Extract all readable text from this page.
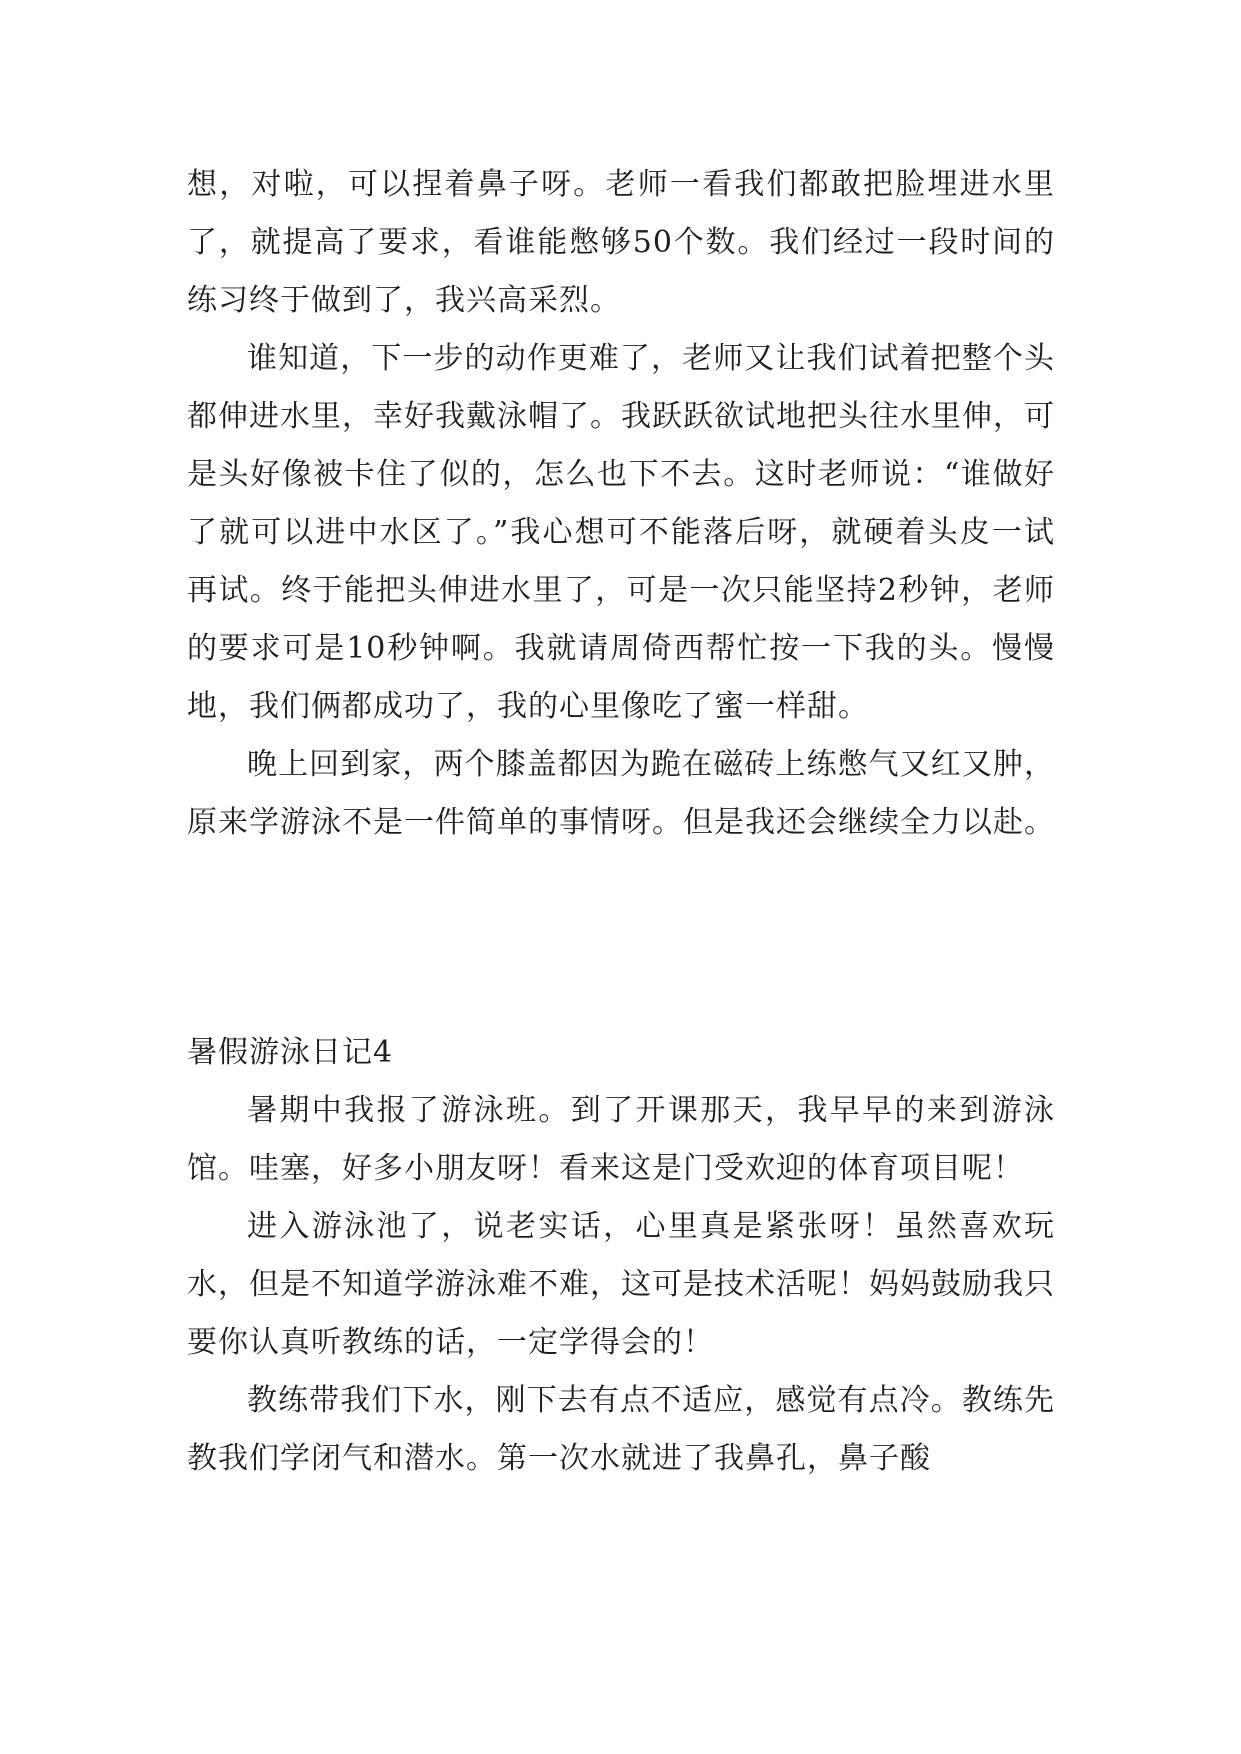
想，对啦，可以捏着鼻子呀。老师一看我们都敢把脸埋进水里了，就提高了要求，看谁能憋够50个数。我们经过一段时间的练习终于做到了，我兴高采烈。

谁知道，下一步的动作更难了，老师又让我们试着把整个头都伸进水里，幸好我戴泳帽了。我跃跃欲试地把头往水里伸，可是头好像被卡住了似的，怎么也下不去。这时老师说：“谁做好了就可以进中水区了。”我心想可不能落后呀，就硬着头皮一试再试。终于能把头伸进水里了，可是一次只能坚持2秒钟，老师的要求可是10秒钟啊。我就请周倚西帮忙按一下我的头。慢慢地，我们俩都成功了，我的心里像吃了蜜一样甜。

晚上回到家，两个膝盖都因为跪在磁砖上练憋气又红又肿，原来学游泳不是一件简单的事情呀。但是我还会继续全力以赴。

暑假游泳日记4

暑期中我报了游泳班。到了开课那天，我早早的来到游泳馆。哇塞，好多小朋友呀！看来这是门受欢迎的体育项目呢！

进入游泳池了，说老实话，心里真是紧张呀！虽然喜欢玩水，但是不知道学游泳难不难，这可是技术活呢！妈妈鼓励我只要你认真听教练的话，一定学得会的！

教练带我们下水，刚下去有点不适应，感觉有点冷。教练先教我们学闭气和潜水。第一次水就进了我鼻孔，鼻子酸
